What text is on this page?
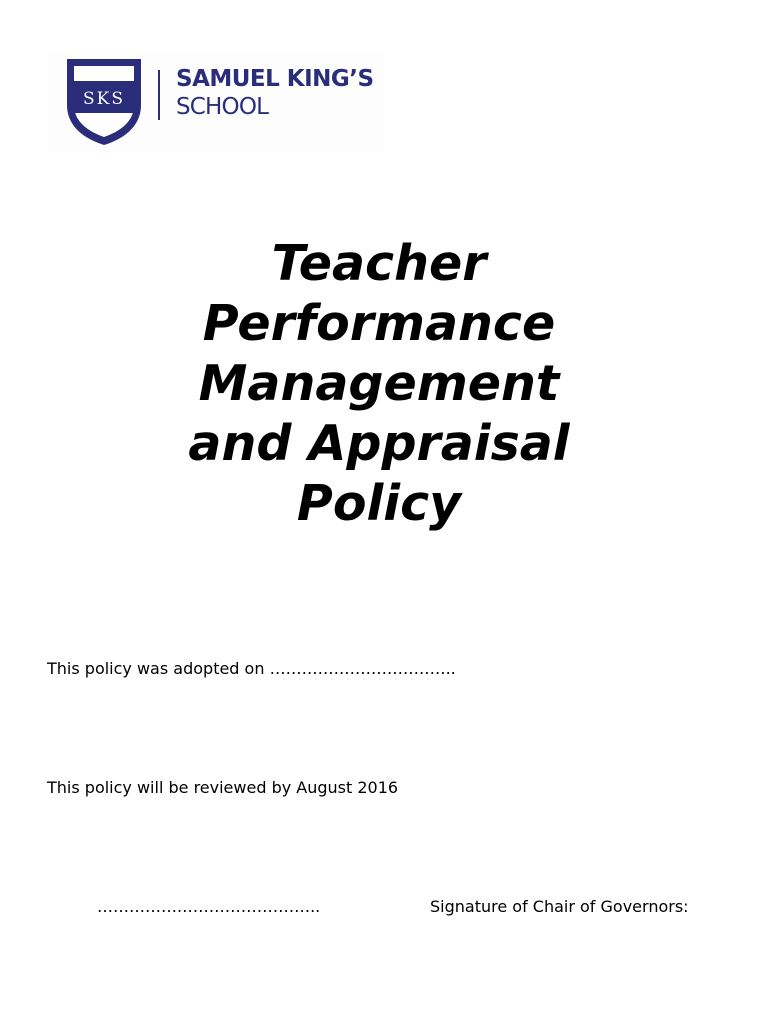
SKS
SAMUEL KING’S
SCHOOL
Teacher
Performance
Management
and Appraisal
Policy
This policy was adopted on ……………………………..
This policy will be reviewed by August 2016
…………….……………………..	Signature of Chair of Governors:
